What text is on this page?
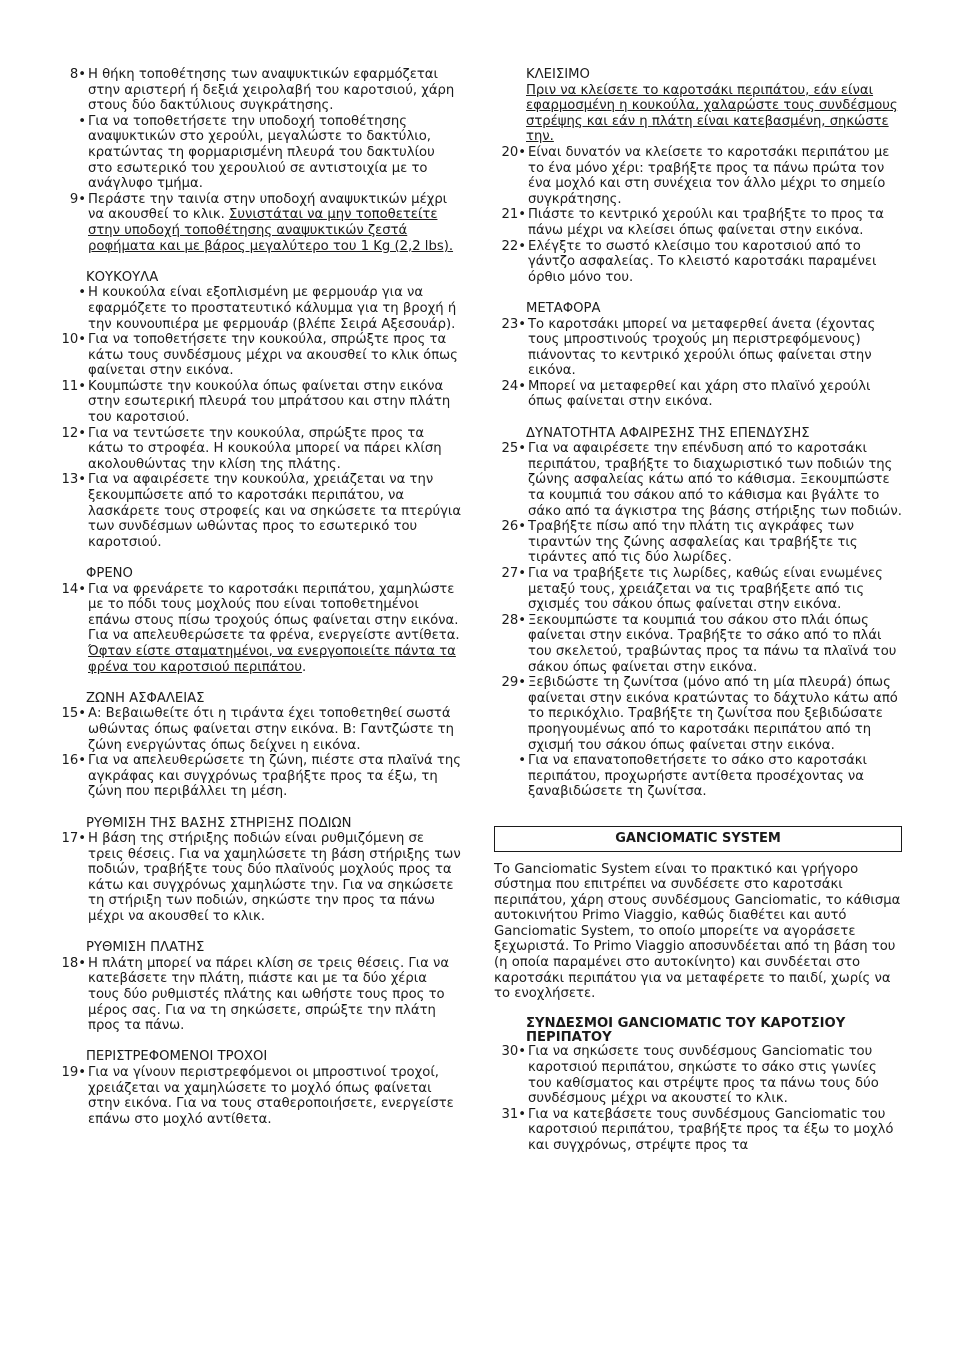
8• Η θήκη τοποθέτησης των αναψυκτικών εφαρμόζεται στην αριστερή ή δεξιά χειρολαβή του καροτσιού, χάρη στους δύο δακτύλιους συγκράτησης.
• Για να τοποθετήσετε την υποδοχή τοποθέτησης αναψυκτικών στο χερούλι, μεγαλώστε το δακτύλιο, κρατώντας τη φορμαρισμένη πλευρά του δακτυλίου στο εσωτερικό του χερουλιού σε αντιστοιχία με το ανάγλυφο τμήμα.
9• Περάστε την ταινία στην υποδοχή αναψυκτικών μέχρι να ακουσθεί το κλικ. Συνιστάται να μην τοποθετείτε στην υποδοχή τοποθέτησης αναψυκτικών ζεστά ροφήματα και με βάρος μεγαλύτερο του 1 Kg (2,2 lbs).
ΚΟΥΚΟΥΛΑ
• Η κουκούλα είναι εξοπλισμένη με φερμουάρ για να εφαρμόζετε το προστατευτικό κάλυμμα για τη βροχή ή την κουνουπιέρα με φερμουάρ (βλέπε Σειρά Αξεσουάρ).
10• Για να τοποθετήσετε την κουκούλα, σπρώξτε προς τα κάτω τους συνδέσμους μέχρι να ακουσθεί το κλικ όπως φαίνεται στην εικόνα.
11• Κουμπώστε την κουκούλα όπως φαίνεται στην εικόνα στην εσωτερική πλευρά του μπράτσου και στην πλάτη του καροτσιού.
12• Για να τεντώσετε την κουκούλα, σπρώξτε προς τα κάτω το στροφέα. Η κουκούλα μπορεί να πάρει κλίση ακολουθώντας την κλίση της πλάτης.
13• Για να αφαιρέσετε την κουκούλα, χρειάζεται να την ξεκουμπώσετε από το καροτσάκι περιπάτου, να λασκάρετε τους στροφείς και να σηκώσετε τα πτερύγια των συνδέσμων ωθώντας προς το εσωτερικό του καροτσιού.
ΦΡΕΝΟ
14• Για να φρενάρετε το καροτσάκι περιπάτου, χαμηλώστε με το πόδι τους μοχλούς που είναι τοποθετημένοι επάνω στους πίσω τροχούς όπως φαίνεται στην εικόνα. Για να απελευθερώσετε τα φρένα, ενεργείστε αντίθετα. Όφταν είστε σταματημένοι, να ενεργοποιείτε πάντα τα φρένα του καροτσιού περιπάτου.
ΖΩΝΗ ΑΣΦΑΛΕΙΑΣ
15• Α: Βεβαιωθείτε ότι η τιράντα έχει τοποθετηθεί σωστά ωθώντας όπως φαίνεται στην εικόνα. Β: Γαντζώστε τη ζώνη ενεργώντας όπως δείχνει η εικόνα.
16• Για να απελευθερώσετε τη ζώνη, πιέστε στα πλαϊνά της αγκράφας και συγχρόνως τραβήξτε προς τα έξω, τη ζώνη που περιβάλλει τη μέση.
ΡΥΘΜΙΣΗ ΤΗΣ ΒΑΣΗΣ ΣΤΗΡΙΞΗΣ ΠΟΔΙΩΝ
17• Η βάση της στήριξης ποδιών είναι ρυθμιζόμενη σε τρεις θέσεις. Για να χαμηλώσετε τη βάση στήριξης των ποδιών, τραβήξτε τους δύο πλαϊνούς μοχλούς προς τα κάτω και συγχρόνως χαμηλώστε την. Για να σηκώσετε τη στήριξη των ποδιών, σηκώστε την προς τα πάνω μέχρι να ακουσθεί το κλικ.
ΡΥΘΜΙΣΗ ΠΛΑΤΗΣ
18• Η πλάτη μπορεί να πάρει κλίση σε τρεις θέσεις. Για να κατεβάσετε την πλάτη, πιάστε και με τα δύο χέρια τους δύο ρυθμιστές πλάτης και ωθήστε τους προς το μέρος σας. Για να τη σηκώσετε, σπρώξτε την πλάτη προς τα πάνω.
ΠΕΡΙΣΤΡΕΦΟΜΕΝΟΙ ΤΡΟΧΟΙ
19• Για να γίνουν περιστρεφόμενοι οι μπροστινοί τροχοί, χρειάζεται να χαμηλώσετε το μοχλό όπως φαίνεται στην εικόνα. Για να τους σταθεροποιήσετε, ενεργείστε επάνω στο μοχλό αντίθετα.
ΚΛΕΙΣΙΜΟ
Πριν να κλείσετε το καροτσάκι περιπάτου, εάν είναι εφαρμοσμένη η κουκούλα, χαλαρώστε τους συνδέσμους στρέψης και εάν η πλάτη είναι κατεβασμένη, σηκώστε την.
20• Είναι δυνατόν να κλείσετε το καροτσάκι περιπάτου με το ένα μόνο χέρι: τραβήξτε προς τα πάνω πρώτα τον ένα μοχλό και στη συνέχεια τον άλλο μέχρι το σημείο συγκράτησης.
21• Πιάστε το κεντρικό χερούλι και τραβήξτε το προς τα πάνω μέχρι να κλείσει όπως φαίνεται στην εικόνα.
22• Ελέγξτε το σωστό κλείσιμο του καροτσιού από το γάντζο ασφαλείας. Το κλειστό καροτσάκι παραμένει όρθιο μόνο του.
ΜΕΤΑΦΟΡΑ
23• Το καροτσάκι μπορεί να μεταφερθεί άνετα (έχοντας τους μπροστινούς τροχούς μη περιστρεφόμενους) πιάνοντας το κεντρικό χερούλι όπως φαίνεται στην εικόνα.
24• Μπορεί να μεταφερθεί και χάρη στο πλαϊνό χερούλι όπως φαίνεται στην εικόνα.
ΔΥΝΑΤΟΤΗΤΑ ΑΦΑΙΡΕΣΗΣ ΤΗΣ ΕΠΕΝΔΥΣΗΣ
25• Για να αφαιρέσετε την επένδυση από το καροτσάκι περιπάτου, τραβήξτε το διαχωριστικό των ποδιών της ζώνης ασφαλείας κάτω από το κάθισμα. Ξεκουμπώστε τα κουμπιά του σάκου από το κάθισμα και βγάλτε το σάκο από τα άγκιστρα της βάσης στήριξης των ποδιών.
26• Τραβήξτε πίσω από την πλάτη τις αγκράφες των τιραντών της ζώνης ασφαλείας και τραβήξτε τις τιράντες από τις δύο λωρίδες.
27• Για να τραβήξετε τις λωρίδες, καθώς είναι ενωμένες μεταξύ τους, χρειάζεται να τις τραβήξετε από τις σχισμές του σάκου όπως φαίνεται στην εικόνα.
28• Ξεκουμπώστε τα κουμπιά του σάκου στο πλάι όπως φαίνεται στην εικόνα. Τραβήξτε το σάκο από το πλάι του σκελετού, τραβώντας προς τα πάνω τα πλαϊνά του σάκου όπως φαίνεται στην εικόνα.
29• Ξεβιδώστε τη ζωνίτσα (μόνο από τη μία πλευρά) όπως φαίνεται στην εικόνα κρατώντας το δάχτυλο κάτω από το περικόχλιο. Τραβήξτε τη ζωνίτσα που ξεβιδώσατε προηγουμένως από το καροτσάκι περιπάτου από τη σχισμή του σάκου όπως φαίνεται στην εικόνα.
• Για να επανατοποθετήσετε το σάκο στο καροτσάκι περιπάτου, προχωρήστε αντίθετα προσέχοντας να ξαναβιδώσετε τη ζωνίτσα.
GANCIOMATIC SYSTEM
Το Ganciomatic System είναι το πρακτικό και γρήγορο σύστημα που επιτρέπει να συνδέσετε στο καροτσάκι περιπάτου, χάρη στους συνδέσμους Ganciomatic, το κάθισμα αυτοκινήτου Primo Viaggio, καθώς διαθέτει και αυτό Ganciomatic System, το οποίο μπορείτε να αγοράσετε ξεχωριστά. Το Primo Viaggio αποσυνδέεται από τη βάση του (η οποία παραμένει στο αυτοκίνητο) και συνδέεται στο καροτσάκι περιπάτου για να μεταφέρετε το παιδί, χωρίς να το ενοχλήσετε.
ΣΥΝΔΕΣΜΟΙ GANCIOMATIC ΤΟΥ ΚΑΡΟΤΣΙΟΥ ΠΕΡΙΠΑΤΟΥ
30• Για να σηκώσετε τους συνδέσμους Ganciomatic του καροτσιού περιπάτου, σηκώστε το σάκο στις γωνίες του καθίσματος και στρέψτε προς τα πάνω τους δύο συνδέσμους μέχρι να ακουστεί το κλικ.
31• Για να κατεβάσετε τους συνδέσμους Ganciomatic του καροτσιού περιπάτου, τραβήξτε προς τα έξω το μοχλό και συγχρόνως, στρέψτε προς τα
